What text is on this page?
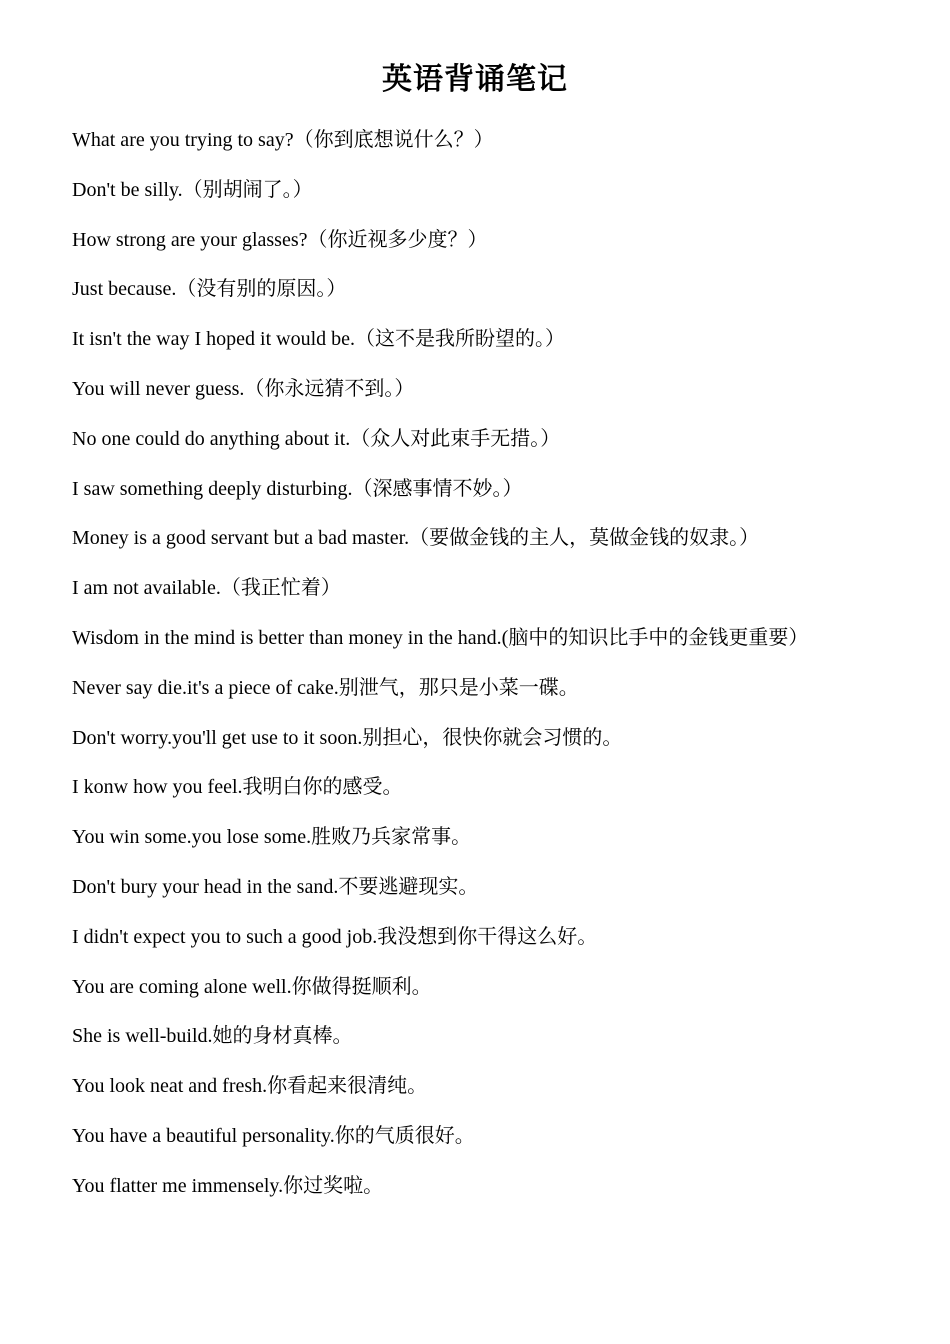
英语背诵笔记
What are you trying to say?（你到底想说什么？）
Don't be silly.（别胡闹了。）
How strong are your glasses?（你近视多少度？）
Just because.（没有别的原因。）
It isn't the way I hoped it would be.（这不是我所盼望的。）
You will never guess.（你永远猜不到。）
No one could do anything about it.（众人对此束手无措。）
I saw something deeply disturbing.（深感事情不妙。）
Money is a good servant but a bad master.（要做金钱的主人，莫做金钱的奴隶。）
I am not available.（我正忙着）
Wisdom in the mind is better than money in the hand.(脑中的知识比手中的金钱更重要）
Never say die.it's a piece of cake.别泄气，那只是小菜一碟。
Don't worry.you'll get use to it soon.别担心，很快你就会习惯的。
I konw how you feel.我明白你的感受。
You win some.you lose some.胜败乃兵家常事。
Don't bury your head in the sand.不要逃避现实。
I didn't expect you to such a good job.我没想到你干得这么好。
You are coming alone well.你做得挺顺利。
She is well-build.她的身材真棒。
You look neat and fresh.你看起来很清纯。
You have a beautiful personality.你的气质很好。
You flatter me immensely.你过奖啦。
